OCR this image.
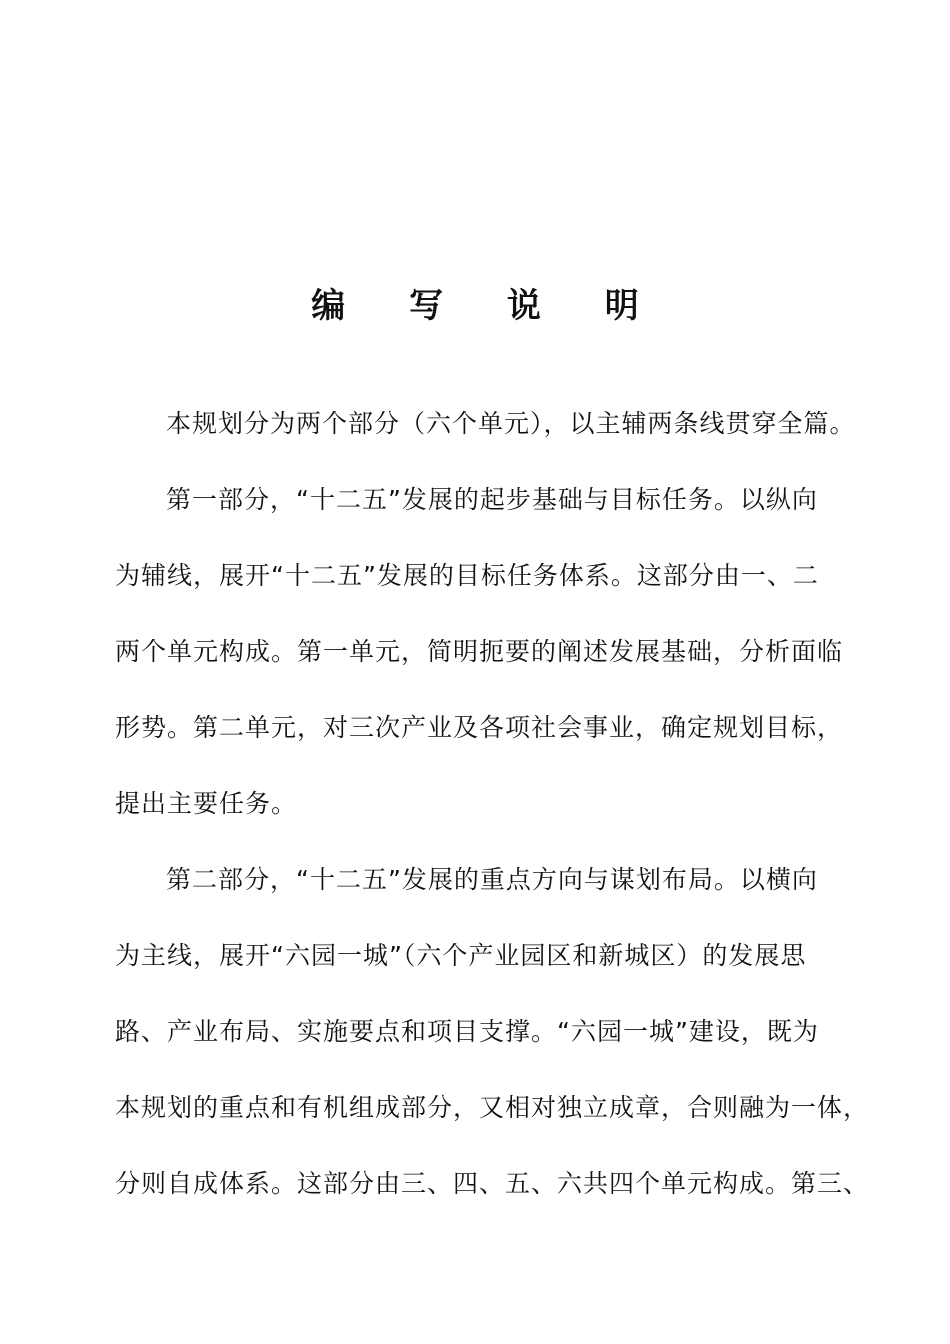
编 写 说 明
本规划分为两个部分（六个单元），以主辅两条线贯穿全篇。
第一部分，“十二五”发展的起步基础与目标任务。以纵向
为辅线，展开“十二五”发展的目标任务体系。这部分由一、二
两个单元构成。第一单元，简明扼要的阐述发展基础，分析面临
形势。第二单元，对三次产业及各项社会事业，确定规划目标，
提出主要任务。
第二部分，“十二五”发展的重点方向与谋划布局。以横向
为主线，展开“六园一城”（六个产业园区和新城区）的发展思
路、产业布局、实施要点和项目支撑。“六园一城”建设，既为
本规划的重点和有机组成部分，又相对独立成章，合则融为一体，
分则自成体系。这部分由三、四、五、六共四个单元构成。第三、
